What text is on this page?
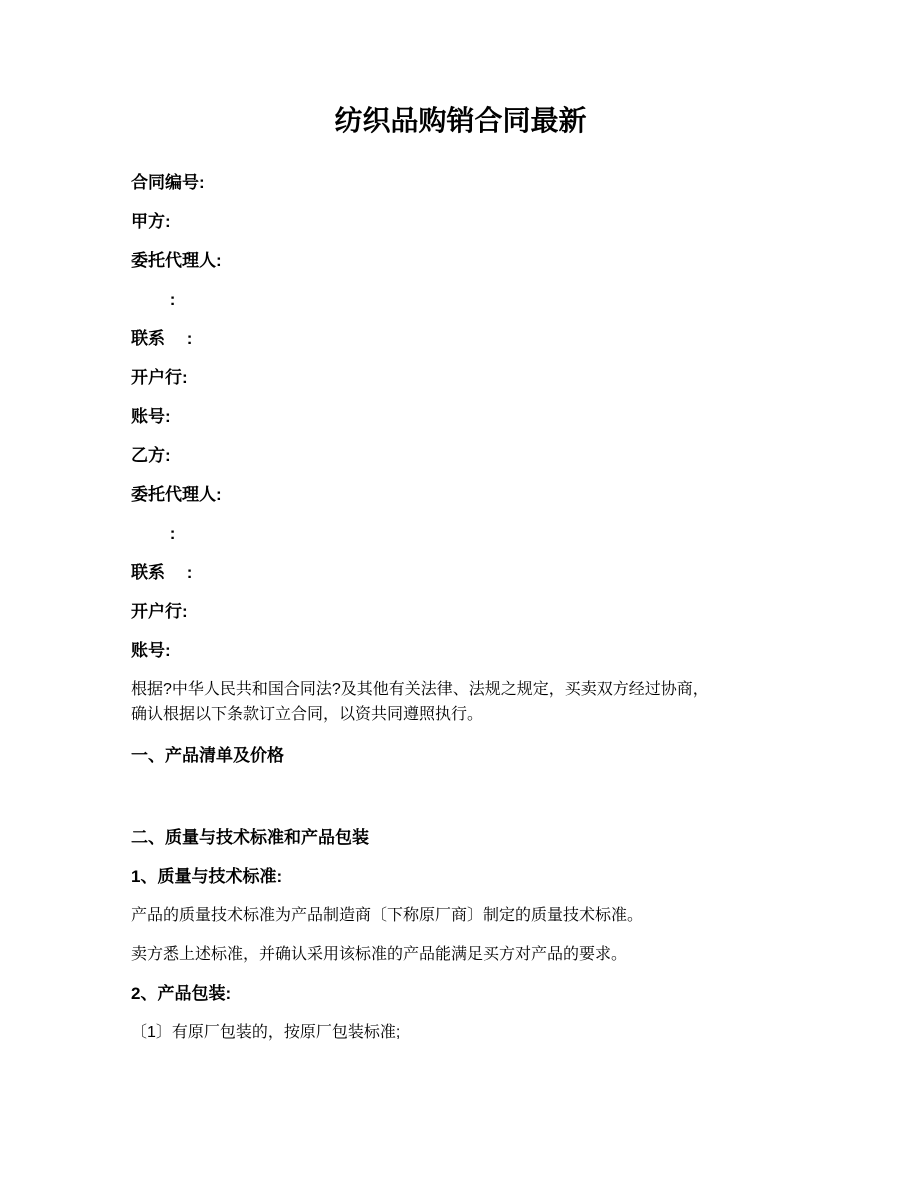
纺织品购销合同最新

合同编号:

甲方:

委托代理人:

　　 :

联系　 :

开户行:

账号:

乙方:

委托代理人:

　　 :

联系　 :

开户行:

账号:

根据?中华人民共和国合同法?及其他有关法律、法规之规定，买卖双方经过协商，
确认根据以下条款订立合同，以资共同遵照执行。

一、产品清单及价格

二、质量与技术标准和产品包装

1、质量与技术标准:

产品的质量技术标准为产品制造商〔下称原厂商〕制定的质量技术标准。

卖方悉上述标准，并确认采用该标准的产品能满足买方对产品的要求。

2、产品包装:

〔1〕有原厂包装的，按原厂包装标准;
